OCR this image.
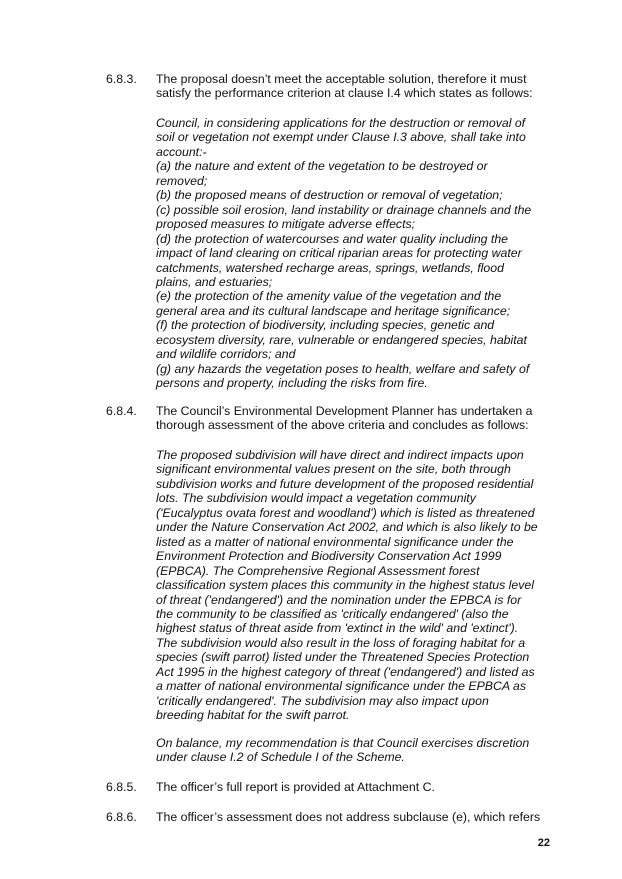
6.8.3.	The proposal doesn’t meet the acceptable solution, therefore it must
satisfy the performance criterion at clause I.4 which states as follows:
Council, in considering applications for the destruction or removal of
soil or vegetation not exempt under Clause I.3 above, shall take into
account:-
(a) the nature and extent of the vegetation to be destroyed or
removed;
(b) the proposed means of destruction or removal of vegetation;
(c) possible soil erosion, land instability or drainage channels and the
proposed measures to mitigate adverse effects;
(d) the protection of watercourses and water quality including the
impact of land clearing on critical riparian areas for protecting water
catchments, watershed recharge areas, springs, wetlands, flood
plains, and estuaries;
(e) the protection of the amenity value of the vegetation and the
general area and its cultural landscape and heritage significance;
(f) the protection of biodiversity, including species, genetic and
ecosystem diversity, rare, vulnerable or endangered species, habitat
and wildlife corridors; and
(g) any hazards the vegetation poses to health, welfare and safety of
persons and property, including the risks from fire.
6.8.4.	The Council’s Environmental Development Planner has undertaken a
thorough assessment of the above criteria and concludes as follows:
The proposed subdivision will have direct and indirect impacts upon
significant environmental values present on the site, both through
subdivision works and future development of the proposed residential
lots. The subdivision would impact a vegetation community
('Eucalyptus ovata forest and woodland') which is listed as threatened
under the Nature Conservation Act 2002, and which is also likely to be
listed as a matter of national environmental significance under the
Environment Protection and Biodiversity Conservation Act 1999
(EPBCA). The Comprehensive Regional Assessment forest
classification system places this community in the highest status level
of threat ('endangered') and the nomination under the EPBCA is for
the community to be classified as 'critically endangered' (also the
highest status of threat aside from 'extinct in the wild' and 'extinct').
The subdivision would also result in the loss of foraging habitat for a
species (swift parrot) listed under the Threatened Species Protection
Act 1995 in the highest category of threat ('endangered') and listed as
a matter of national environmental significance under the EPBCA as
'critically endangered'. The subdivision may also impact upon
breeding habitat for the swift parrot.
On balance, my recommendation is that Council exercises discretion
under clause I.2 of Schedule I of the Scheme.
6.8.5.	The officer’s full report is provided at Attachment C.
6.8.6.	The officer’s assessment does not address subclause (e), which refers
22
